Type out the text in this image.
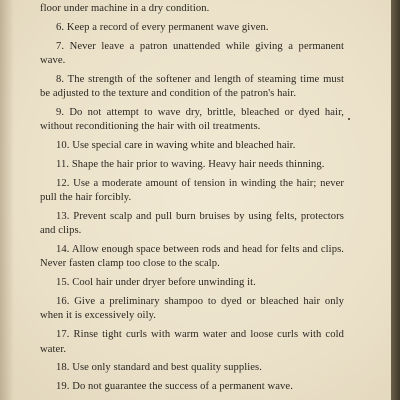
floor under machine in a dry condition.

6. Keep a record of every permanent wave given.

7. Never leave a patron unattended while giving a permanent wave.

8. The strength of the softener and length of steaming time must be adjusted to the texture and condition of the patron's hair.

9. Do not attempt to wave dry, brittle, bleached or dyed hair, without reconditioning the hair with oil treatments.

10. Use special care in waving white and bleached hair.

11. Shape the hair prior to waving. Heavy hair needs thinning.

12. Use a moderate amount of tension in winding the hair; never pull the hair forcibly.

13. Prevent scalp and pull burn bruises by using felts, protectors and clips.

14. Allow enough space between rods and head for felts and clips. Never fasten clamp too close to the scalp.

15. Cool hair under dryer before unwinding it.

16. Give a preliminary shampoo to dyed or bleached hair only when it is excessively oily.

17. Rinse tight curls with warm water and loose curls with cold water.

18. Use only standard and best quality supplies.

19. Do not guarantee the success of a permanent wave.
